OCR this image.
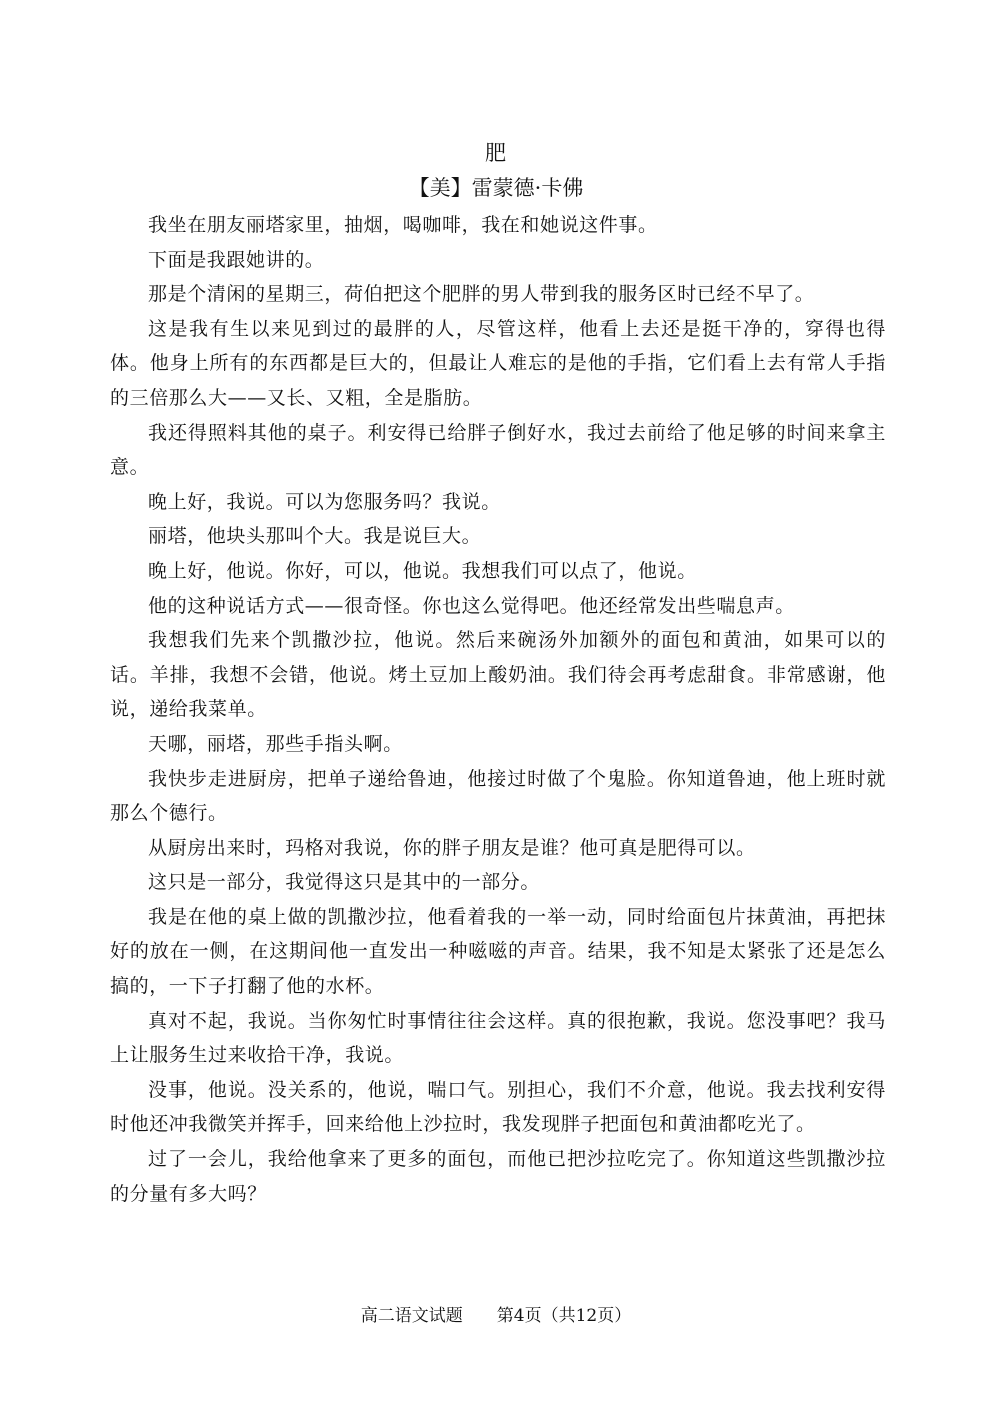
肥
【美】雷蒙德·卡佛

我坐在朋友丽塔家里，抽烟，喝咖啡，我在和她说这件事。

下面是我跟她讲的。

那是个清闲的星期三，荷伯把这个肥胖的男人带到我的服务区时已经不早了。

这是我有生以来见到过的最胖的人，尽管这样，他看上去还是挺干净的，穿得也得体。他身上所有的东西都是巨大的，但最让人难忘的是他的手指，它们看上去有常人手指的三倍那么大——又长、又粗，全是脂肪。

我还得照料其他的桌子。利安得已给胖子倒好水，我过去前给了他足够的时间来拿主意。

晚上好，我说。可以为您服务吗？我说。

丽塔，他块头那叫个大。我是说巨大。

晚上好，他说。你好，可以，他说。我想我们可以点了，他说。

他的这种说话方式——很奇怪。你也这么觉得吧。他还经常发出些喘息声。

我想我们先来个凯撒沙拉，他说。然后来碗汤外加额外的面包和黄油，如果可以的话。羊排，我想不会错，他说。烤土豆加上酸奶油。我们待会再考虑甜食。非常感谢，他说，递给我菜单。

天哪，丽塔，那些手指头啊。

我快步走进厨房，把单子递给鲁迪，他接过时做了个鬼脸。你知道鲁迪，他上班时就那么个德行。

从厨房出来时，玛格对我说，你的胖子朋友是谁？他可真是肥得可以。

这只是一部分，我觉得这只是其中的一部分。

我是在他的桌上做的凯撒沙拉，他看着我的一举一动，同时给面包片抹黄油，再把抹好的放在一侧，在这期间他一直发出一种嗞嗞的声音。结果，我不知是太紧张了还是怎么搞的，一下子打翻了他的水杯。

真对不起，我说。当你匆忙时事情往往会这样。真的很抱歉，我说。您没事吧？我马上让服务生过来收拾干净，我说。

没事，他说。没关系的，他说，喘口气。别担心，我们不介意，他说。我去找利安得时他还冲我微笑并挥手，回来给他上沙拉时，我发现胖子把面包和黄油都吃光了。

过了一会儿，我给他拿来了更多的面包，而他已把沙拉吃完了。你知道这些凯撒沙拉的分量有多大吗？

高二语文试题 第4页（共12页）
